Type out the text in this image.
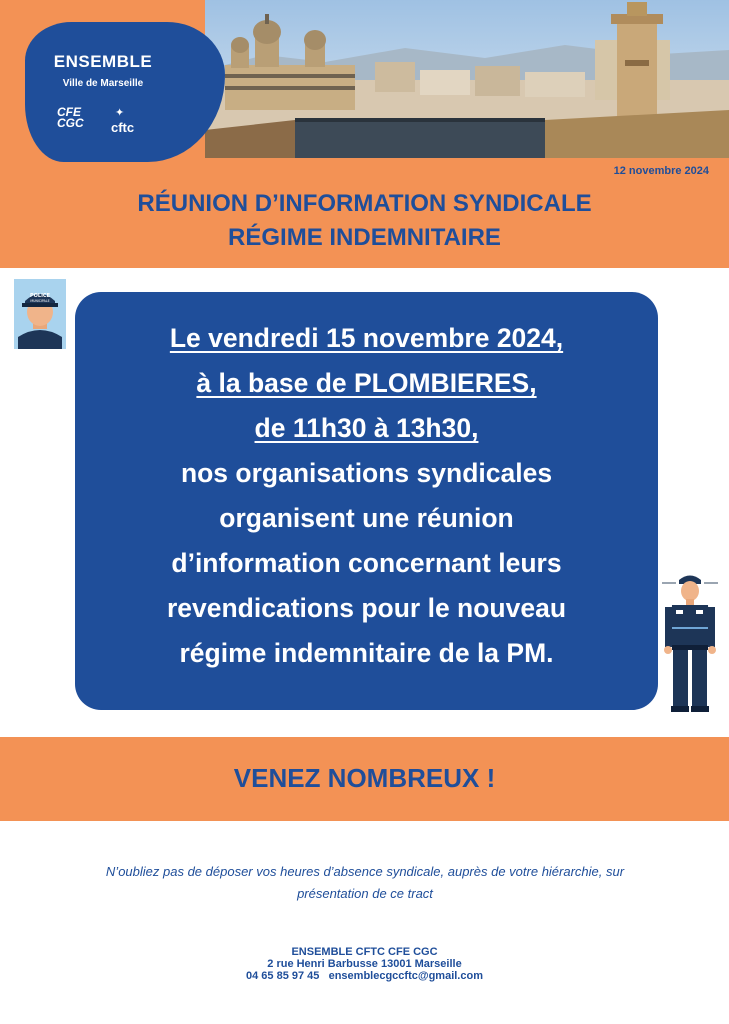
ENSEMBLE
Ville de Marseille
CFE
CGC
✦
cftc
12 novembre 2024
RÉUNION D’INFORMATION SYNDICALE
RÉGIME INDEMNITAIRE
POLICE
MUNICIPALE
Le vendredi 15 novembre 2024,
à la base de PLOMBIERES,
de 11h30 à 13h30,
nos organisations syndicales
organisent une réunion
d’information concernant leurs
revendications pour le nouveau
régime indemnitaire de la PM.
VENEZ NOMBREUX !
N’oubliez pas de déposer vos heures d’absence syndicale, auprès de votre hiérarchie, sur
présentation de ce tract
ENSEMBLE CFTC CFE CGC
2 rue Henri Barbusse 13001 Marseille
04 65 85 97 45   ensemblecgccftc@gmail.com
